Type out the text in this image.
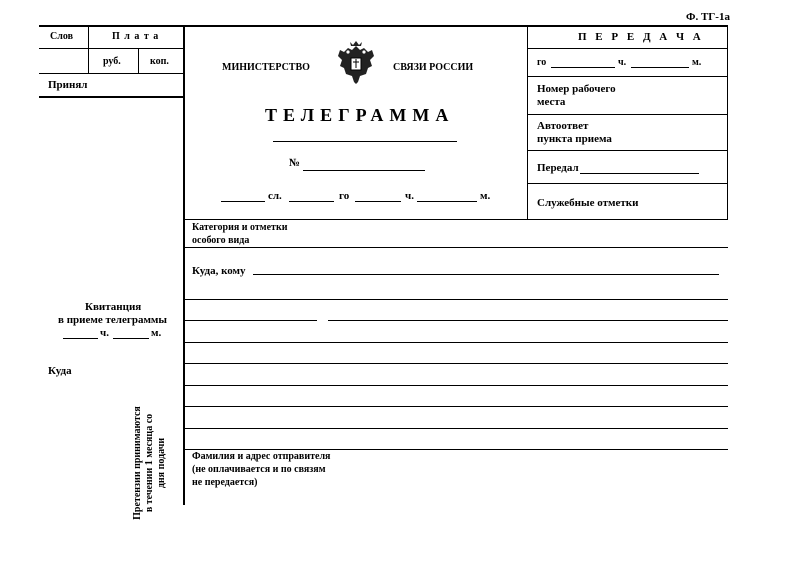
Ф. ТГ-1а
Слов	П л а т а
руб.	коп.
Принял
МИНИСТЕРСТВО	СВЯЗИ РОССИИ
ТЕЛЕГРАММА
№
сл.	го	ч.	м.
П Е Р Е Д А Ч А
го	ч.	м.
Номер рабочего
места
Автоответ
пункта приема
Передал
Служебные отметки
Категория и отметки
особого вида
Куда, кому
Фамилия и адрес отправителя
(не оплачивается и по связям
не передается)
Квитанция
в приеме телеграммы
ч.	м.
Куда
Претензии принимаются в течении 1 месяца со дня подачи
